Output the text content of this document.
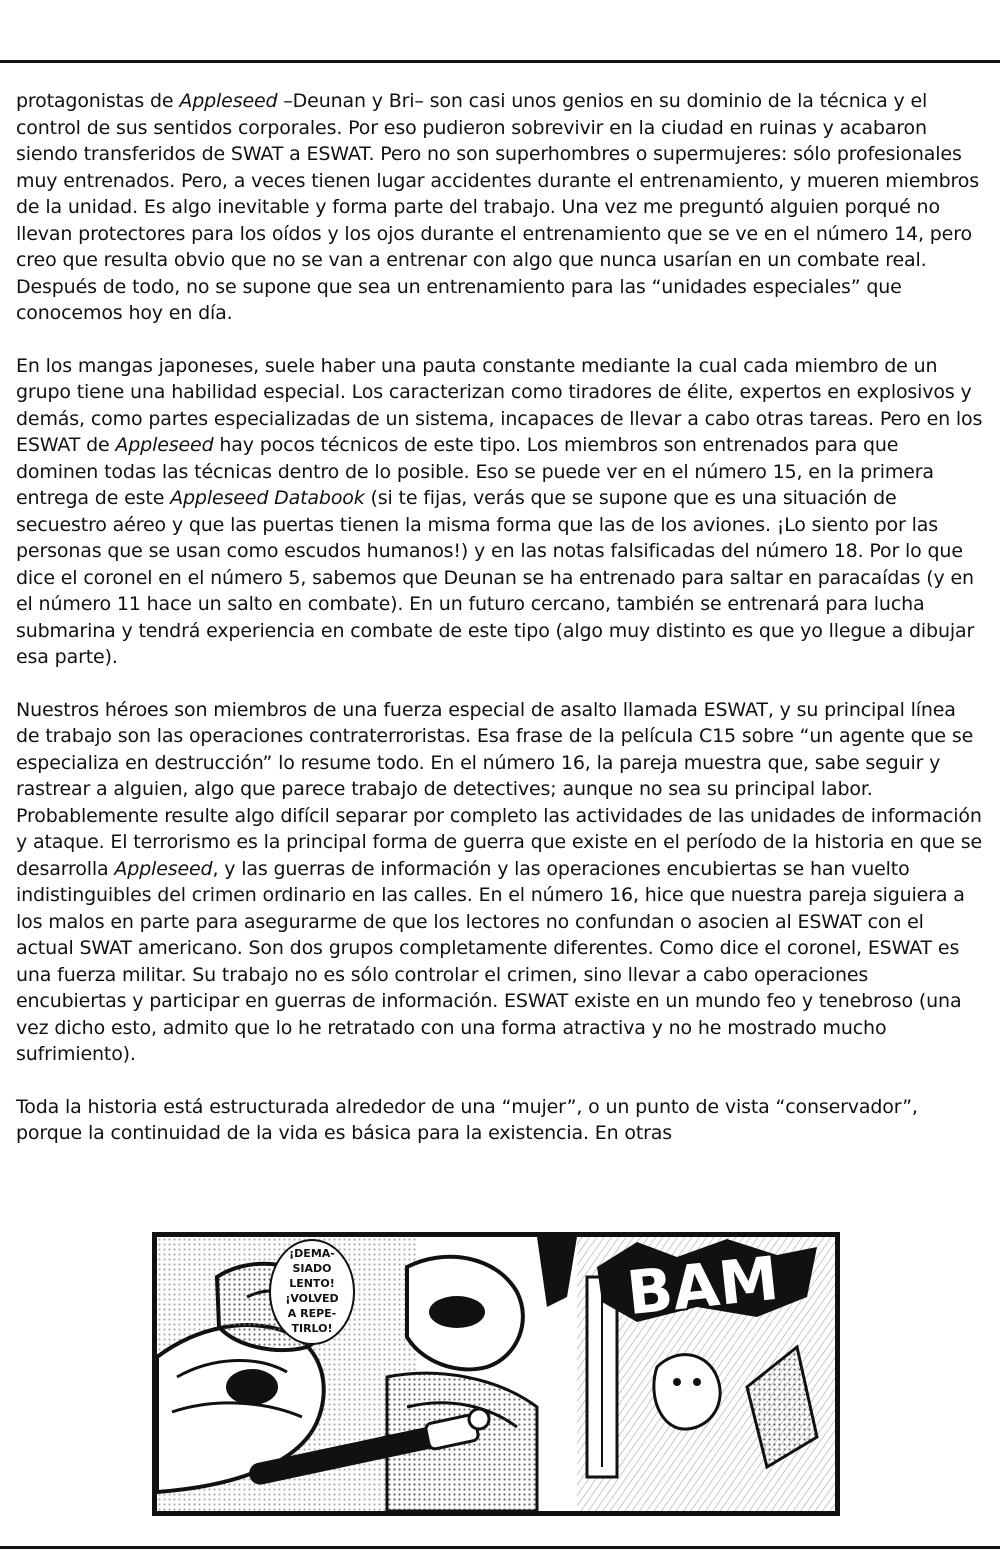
protagonistas de Appleseed –Deunan y Bri– son casi unos genios en su dominio de la técnica y el control de sus sentidos corporales. Por eso pudieron sobrevivir en la ciudad en ruinas y acabaron siendo transferidos de SWAT a ESWAT. Pero no son superhombres o supermujeres: sólo profesionales muy entrenados. Pero, a veces tienen lugar accidentes durante el entrenamiento, y mueren miembros de la unidad. Es algo inevitable y forma parte del trabajo. Una vez me preguntó alguien porqué no llevan protectores para los oídos y los ojos durante el entrenamiento que se ve en el número 14, pero creo que resulta obvio que no se van a entrenar con algo que nunca usarían en un combate real. Después de todo, no se supone que sea un entrenamiento para las “unidades especiales” que conocemos hoy en día.

En los mangas japoneses, suele haber una pauta constante mediante la cual cada miembro de un grupo tiene una habilidad especial. Los caracterizan como tiradores de élite, expertos en explosivos y demás, como partes especializadas de un sistema, incapaces de llevar a cabo otras tareas. Pero en los ESWAT de Appleseed hay pocos técnicos de este tipo. Los miembros son entrenados para que dominen todas las técnicas dentro de lo posible. Eso se puede ver en el número 15, en la primera entrega de este Appleseed Databook (si te fijas, verás que se supone que es una situación de secuestro aéreo y que las puertas tienen la misma forma que las de los aviones. ¡Lo siento por las personas que se usan como escudos humanos!) y en las notas falsificadas del número 18. Por lo que dice el coronel en el número 5, sabemos que Deunan se ha entrenado para saltar en paracaídas (y en el número 11 hace un salto en combate). En un futuro cercano, también se entrenará para lucha submarina y tendrá experiencia en combate de este tipo (algo muy distinto es que yo llegue a dibujar esa parte).

Nuestros héroes son miembros de una fuerza especial de asalto llamada ESWAT, y su principal línea de trabajo son las operaciones contraterroristas. Esa frase de la película C15 sobre “un agente que se especializa en destrucción” lo resume todo. En el número 16, la pareja muestra que, sabe seguir y rastrear a alguien, algo que parece trabajo de detectives; aunque no sea su principal labor. Probablemente resulte algo difícil separar por completo las actividades de las unidades de información y ataque. El terrorismo es la principal forma de guerra que existe en el período de la historia en que se desarrolla Appleseed, y las guerras de información y las operaciones encubiertas se han vuelto indistinguibles del crimen ordinario en las calles. En el número 16, hice que nuestra pareja siguiera a los malos en parte para asegurarme de que los lectores no confundan o asocien al ESWAT con el actual SWAT americano. Son dos grupos completamente diferentes. Como dice el coronel, ESWAT es una fuerza militar. Su trabajo no es sólo controlar el crimen, sino llevar a cabo operaciones encubiertas y participar en guerras de información. ESWAT existe en un mundo feo y tenebroso (una vez dicho esto, admito que lo he retratado con una forma atractiva y no he mostrado mucho sufrimiento).

Toda la historia está estructurada alrededor de una “mujer”, o un punto de vista “conservador”, porque la continuidad de la vida es básica para la existencia. En otras

¡DEMA-
SIADO
LENTO!
¡VOLVED
A REPE-
TIRLO!	BAM
